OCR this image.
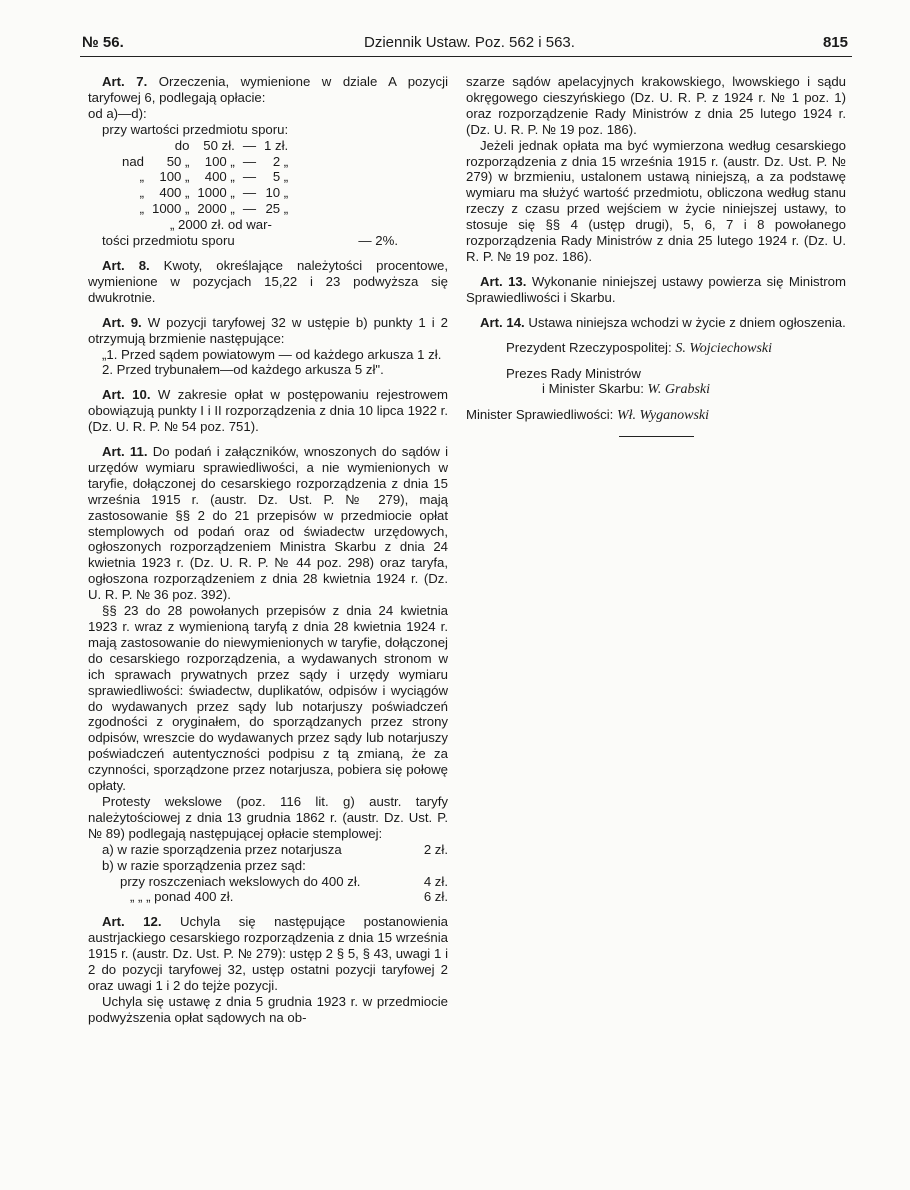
№ 56.	Dziennik Ustaw. Poz. 562 i 563.	815

Art. 7. Orzeczenia, wymienione w dziale A pozycji taryfowej 6, podlegają opłacie:

od a)—d):

przy wartości przedmiotu sporu:

	do	50 zł.	—	1 zł.
nad	50 „	100 „	—	2 „
„	100 „	400 „	—	5 „
„	400 „	1000 „	—	10 „
„	1000 „	2000 „	—	25 „

„ 2000 zł. od war-

tości przedmiotu sporu	— 2%.

Art. 8. Kwoty, określające należytości procentowe, wymienione w pozycjach 15,22 i 23 podwyższa się dwukrotnie.

Art. 9. W pozycji taryfowej 32 w ustępie b) punkty 1 i 2 otrzymują brzmienie następujące:

„1. Przed sądem powiatowym — od każdego arkusza 1 zł.

2. Przed trybunałem—od każdego arkusza 5 zł".

Art. 10. W zakresie opłat w postępowaniu rejestrowem obowiązują punkty I i II rozporządzenia z dnia 10 lipca 1922 r. (Dz. U. R. P. № 54 poz. 751).

Art. 11. Do podań i załączników, wnoszonych do sądów i urzędów wymiaru sprawiedliwości, a nie wymienionych w taryfie, dołączonej do cesarskiego rozporządzenia z dnia 15 września 1915 r. (austr. Dz. Ust. P. № 279), mają zastosowanie §§ 2 do 21 przepisów w przedmiocie opłat stemplowych od podań oraz od świadectw urzędowych, ogłoszonych rozporządzeniem Ministra Skarbu z dnia 24 kwietnia 1923 r. (Dz. U. R. P. № 44 poz. 298) oraz taryfa, ogłoszona rozporządzeniem z dnia 28 kwietnia 1924 r. (Dz. U. R. P. № 36 poz. 392).

§§ 23 do 28 powołanych przepisów z dnia 24 kwietnia 1923 r. wraz z wymienioną taryfą z dnia 28 kwietnia 1924 r. mają zastosowanie do niewymienionych w taryfie, dołączonej do cesarskiego rozporządzenia, a wydawanych stronom w ich sprawach prywatnych przez sądy i urzędy wymiaru sprawiedliwości: świadectw, duplikatów, odpisów i wyciągów do wydawanych przez sądy lub notarjuszy poświadczeń zgodności z oryginałem, do sporządzanych przez strony odpisów, wreszcie do wydawanych przez sądy lub notarjuszy poświadczeń autentyczności podpisu z tą zmianą, że za czynności, sporządzone przez notarjusza, pobiera się połowę opłaty.

Protesty wekslowe (poz. 116 lit. g) austr. taryfy należytościowej z dnia 13 grudnia 1862 r. (austr. Dz. Ust. P. № 89) podlegają następującej opłacie stemplowej:

a) w razie sporządzenia przez notarjusza	2 zł.

b) w razie sporządzenia przez sąd:

przy roszczeniach wekslowych do 400 zł.	4 zł.
„ „ „ ponad 400 zł.	6 zł.

Art. 12. Uchyla się następujące postanowienia austrjackiego cesarskiego rozporządzenia z dnia 15 września 1915 r. (austr. Dz. Ust. P. № 279): ustęp 2 § 5, § 43, uwagi 1 i 2 do pozycji taryfowej 32, ustęp ostatni pozycji taryfowej 2 oraz uwagi 1 i 2 do tejże pozycji.

Uchyla się ustawę z dnia 5 grudnia 1923 r. w przedmiocie podwyższenia opłat sądowych na ob-

szarze sądów apelacyjnych krakowskiego, lwowskiego i sądu okręgowego cieszyńskiego (Dz. U. R. P. z 1924 r. № 1 poz. 1) oraz rozporządzenie Rady Ministrów z dnia 25 lutego 1924 r. (Dz. U. R. P. № 19 poz. 186).

Jeżeli jednak opłata ma być wymierzona według cesarskiego rozporządzenia z dnia 15 września 1915 r. (austr. Dz. Ust. P. № 279) w brzmieniu, ustalonem ustawą niniejszą, a za podstawę wymiaru ma służyć wartość przedmiotu, obliczona według stanu rzeczy z czasu przed wejściem w życie niniejszej ustawy, to stosuje się §§ 4 (ustęp drugi), 5, 6, 7 i 8 powołanego rozporządzenia Rady Ministrów z dnia 25 lutego 1924 r. (Dz. U. R. P. № 19 poz. 186).

Art. 13. Wykonanie niniejszej ustawy powierza się Ministrom Sprawiedliwości i Skarbu.

Art. 14. Ustawa niniejsza wchodzi w życie z dniem ogłoszenia.

Prezydent Rzeczypospolitej: S. Wojciechowski

Prezes Rady Ministrów

i Minister Skarbu: W. Grabski

Minister Sprawiedliwości: Wł. Wyganowski
